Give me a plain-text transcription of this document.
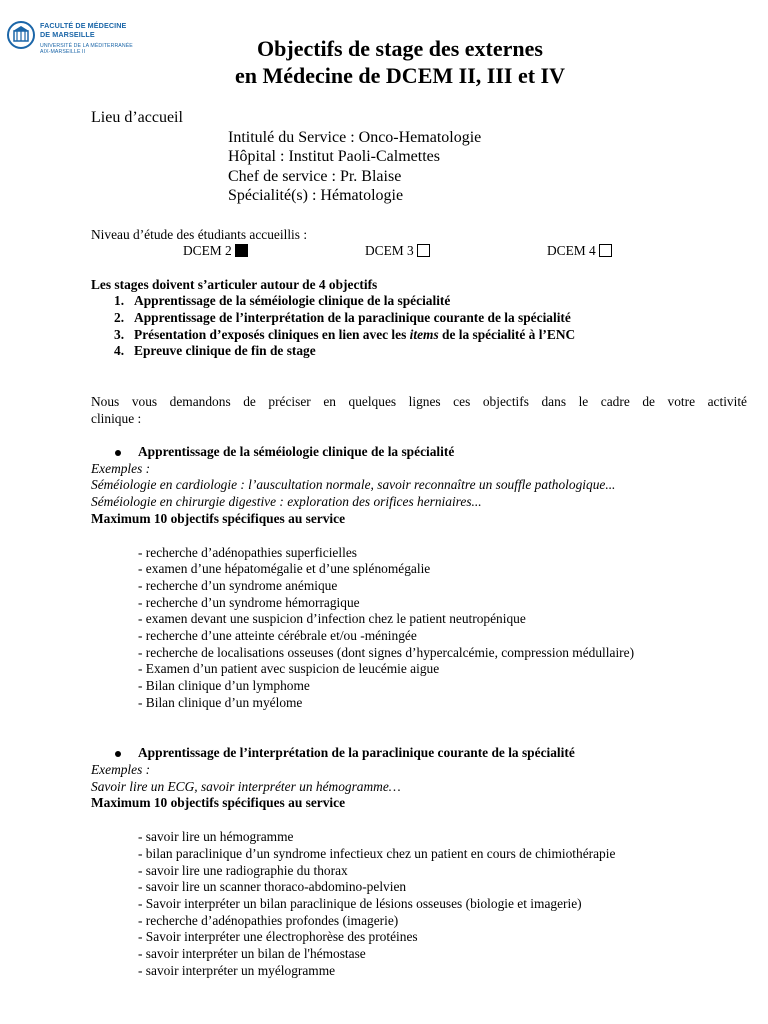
FACULTÉ DE MÉDECINE
DE MARSEILLE
UNIVERSITÉ DE LA MÉDITERRANÉE
AIX-MARSEILLE II	Objectifs de stage des externes
en Médecine de DCEM II, III et IV
Lieu d’accueil
Intitulé du Service : Onco-Hematologie
Hôpital : Institut Paoli-Calmettes
Chef de service : Pr. Blaise
Spécialité(s) : Hématologie
Niveau d’étude des étudiants accueillis :
DCEM 2	DCEM 3	DCEM 4
Les stages doivent s’articuler autour de 4 objectifs
1. Apprentissage de la séméiologie clinique de la spécialité
2. Apprentissage de l’interprétation de la paraclinique courante de la spécialité
3. Présentation d’exposés cliniques en lien avec les items de la spécialité à l’ENC
4. Epreuve clinique de fin de stage
Nous vous demandons de préciser en quelques lignes ces objectifs dans le cadre de votre activité
clinique :
Apprentissage de la séméiologie clinique de la spécialité
Exemples :
Séméiologie en cardiologie : l’auscultation normale, savoir reconnaître un souffle pathologique...
Séméiologie en chirurgie digestive : exploration des orifices herniaires...
Maximum 10 objectifs spécifiques au service
- recherche d’adénopathies superficielles
- examen d’une hépatomégalie et d’une splénomégalie
- recherche d’un syndrome anémique
- recherche d’un syndrome hémorragique
- examen devant une suspicion d’infection chez le patient neutropénique
- recherche d’une atteinte cérébrale et/ou -méningée
- recherche de localisations osseuses (dont signes d’hypercalcémie, compression médullaire)
- Examen d’un patient avec suspicion de leucémie aigue
- Bilan clinique d’un lymphome
- Bilan clinique d’un myélome
Apprentissage de l’interprétation de la paraclinique courante de la spécialité
Exemples :
Savoir lire un ECG, savoir interpréter un hémogramme…
Maximum 10 objectifs spécifiques au service
- savoir lire un hémogramme
- bilan paraclinique d’un syndrome infectieux chez un patient en cours de chimiothérapie
- savoir lire une radiographie du thorax
- savoir lire un scanner thoraco-abdomino-pelvien
- Savoir interpréter un bilan paraclinique de lésions osseuses (biologie et imagerie)
- recherche d’adénopathies profondes (imagerie)
- Savoir interpréter une électrophorèse des protéines
- savoir interpréter un bilan de l'hémostase
- savoir interpréter un myélogramme
